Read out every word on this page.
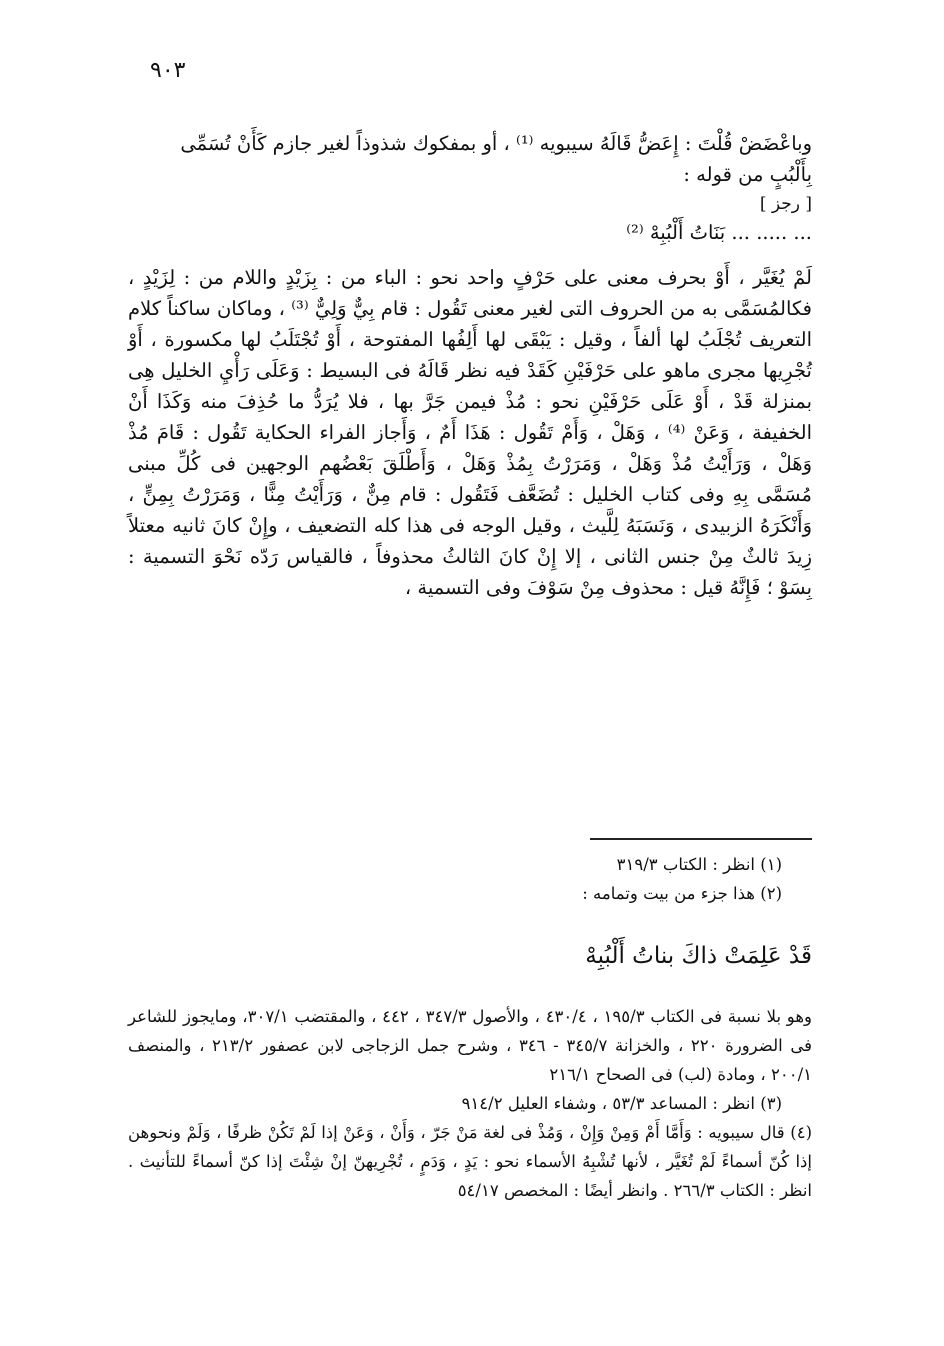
٩٠٣

وباعْضَضْ قُلْتَ : إِعَضُّ قَالَهُ سيبويه ⁽¹⁾ ، أو بمفكوك شذوذاً لغير جازم كَأَنْ تُسَمِّى

بِأَلْبُبٍ من قوله :

[ رجز ]

... ..... ... بَنَاتُ أَلْبُبِهْ ⁽²⁾

لَمْ يُغَيَّر ، أَوْ بحرف معنى على حَرْفٍ واحد نحو : الباء من : بِزَيْدٍ واللام من : لِزَيْدٍ ، فكالمُسَمَّى به من الحروف التى لغير معنى تَقُول : قام بِيٌّ وَلِيٌّ ⁽³⁾ ، وماكان ساكناً كلام التعريف تُجْلَبُ لها ألفاً ، وقيل : يَبْقَى لها أَلِفُها المفتوحة ، أَوْ تُجْتَلَبُ لها مكسورة ، أَوْ تُجْرِيها مجرى ماهو على حَرْفَيْنِ كَقَدْ فيه نظر قَالَهُ فى البسيط : وَعَلَى رَأْيِ الخليل هِى بمنزلة قَدْ ، أَوْ عَلَى حَرْفَيْنِ نحو : مُذْ فيمن جَرَّ بها ، فلا يُرَدُّ ما حُذِفَ منه وَكَذَا أَنْ الخفيفة ، وَعَنْ ⁽⁴⁾ ، وَهَلْ ، وَأَمْ تَقُول : هَذَا أَمٌ ، وَأَجاز الفراء الحكاية تَقُول : قَامَ مُذْ وَهَلْ ، وَرَأَيْتُ مُذْ وَهَلْ ، وَمَرَرْتُ بِمُذْ وَهَلْ ، وَأَطْلَقَ بَعْضُهم الوجهين فى كُلِّ مبنى مُسَمَّى بِهِ وفى كتاب الخليل : تُضَعَّف فَتَقُول : قام مِنٌّ ، وَرَأَيْتُ مِنًّا ، وَمَرَرْتُ بِمِنٍّ ، وَأَنْكَرَهُ الزبيدى ، وَنَسَبَهُ لِلَّيث ، وقيل الوجه فى هذا كله التضعيف ، وإِنْ كانَ ثانيه معتلاً زِيدَ ثالثٌ مِنْ جنس الثانى ، إلا إِنْ كانَ الثالثُ محذوفاً ، فالقياس رَدّه نَحْوَ التسمية : بِسَوْ ؛ فَإِنَّهُ قيل : محذوف مِنْ سَوْفَ وفى التسمية ،

(١) انظر : الكتاب ٣١٩/٣

(٢) هذا جزء من بيت وتمامه :

قَدْ عَلِمَتْ ذاكَ بناتُ أَلْبُبِهْ

وهو بلا نسبة فى الكتاب ١٩٥/٣ ، ٤٣٠/٤ ، والأصول ٣٤٧/٣ ، ٤٤٢ ، والمقتضب ٣٠٧/١، ومايجوز للشاعر فى الضرورة ٢٢٠ ، والخزانة ٣٤٥/٧ - ٣٤٦ ، وشرح جمل الزجاجى لابن عصفور ٢١٣/٢ ، والمنصف ٢٠٠/١ ، ومادة (لب) فى الصحاح ٢١٦/١

(٣) انظر : المساعد ٥٣/٣ ، وشفاء العليل ٩١٤/٢

(٤) قال سيبويه : وَأَمَّا أَمْ وَمِنْ وَإِنْ ، وَمُذْ فى لغة مَنْ جَرّ ، وَأَنْ ، وَعَنْ إذا لَمْ تَكُنْ ظرفًا ، وَلَمْ ونحوهن إذا كُنّ أسماءً لَمْ تُغَيَّر ، لأنها تُشْبِهُ الأسماء نحو : يَدٍ ، وَدَمٍ ، تُجْرِيهنّ إنْ شِئْتَ إذا كنّ أسماءً للتأنيث . انظر : الكتاب ٢٦٦/٣ . وانظر أيضًا : المخصص ٥٤/١٧
